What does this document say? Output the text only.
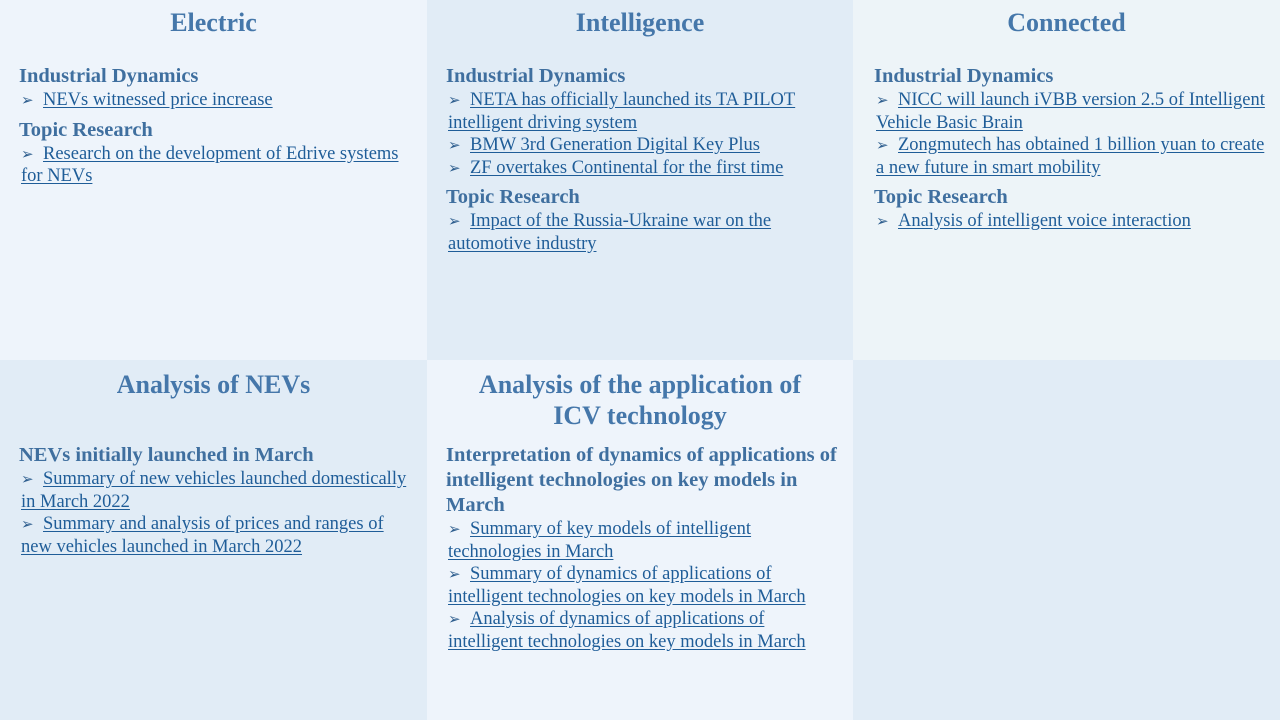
Electric
Industrial Dynamics
➢ NEVs witnessed price increase
Topic Research
➢ Research on the development of Edrive systems for NEVs
Intelligence
Industrial Dynamics
➢ NETA has officially launched its TA PILOT intelligent driving system
➢ BMW 3rd Generation Digital Key Plus
➢ ZF overtakes Continental for the first time
Topic Research
➢ Impact of the Russia-Ukraine war on the automotive industry
Connected
Industrial Dynamics
➢ NICC will launch iVBB version 2.5 of Intelligent Vehicle Basic Brain
➢ Zongmutech has obtained 1 billion yuan to create a new future in smart mobility
Topic Research
➢ Analysis of intelligent voice interaction
Analysis of NEVs
NEVs initially launched in March
➢ Summary of new vehicles launched domestically in March 2022
➢ Summary and analysis of prices and ranges of new vehicles launched in March 2022
Analysis of the application of ICV technology
Interpretation of dynamics of applications of intelligent technologies on key models in March
➢ Summary of key models of intelligent technologies in March
➢ Summary of dynamics of applications of intelligent technologies on key models in March
➢ Analysis of dynamics of applications of intelligent technologies on key models in March
